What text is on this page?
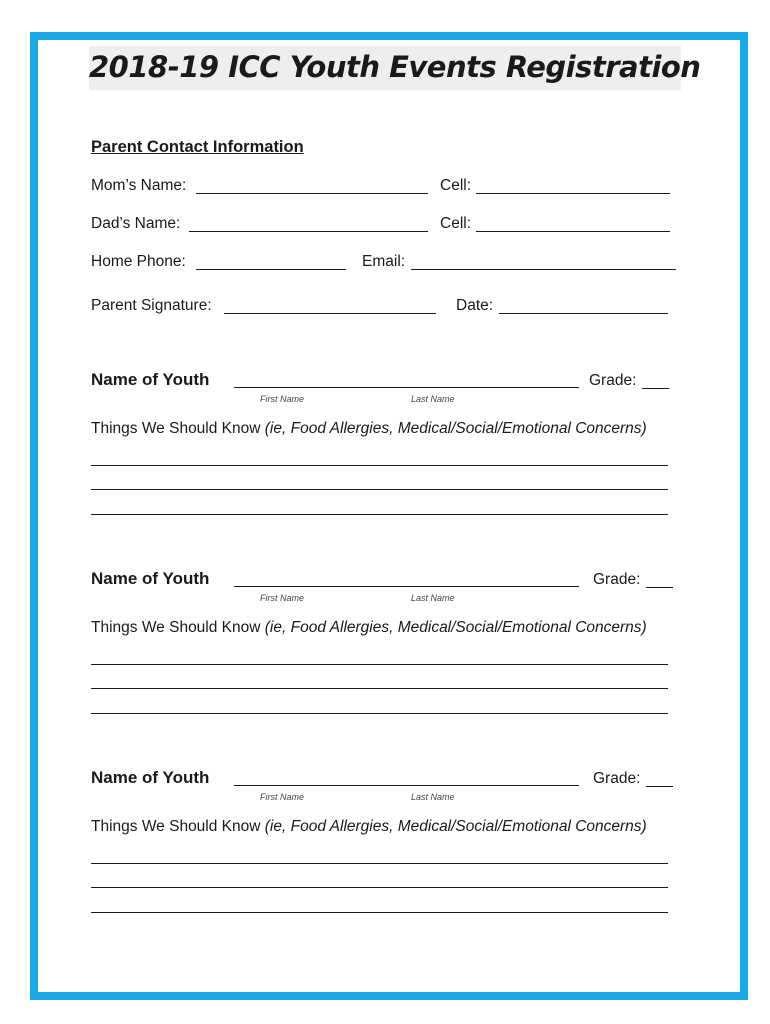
2018-19 ICC Youth Events Registration
Parent Contact Information
Mom’s Name:	Cell:
Dad’s Name:	Cell:
Home Phone:	Email:
Parent Signature:	Date:
Name of Youth
First Name	Last Name
Grade:
Things We Should Know (ie, Food Allergies, Medical/Social/Emotional Concerns)
Name of Youth
First Name	Last Name
Grade:
Things We Should Know (ie, Food Allergies, Medical/Social/Emotional Concerns)
Name of Youth
First Name	Last Name
Grade:
Things We Should Know (ie, Food Allergies, Medical/Social/Emotional Concerns)
